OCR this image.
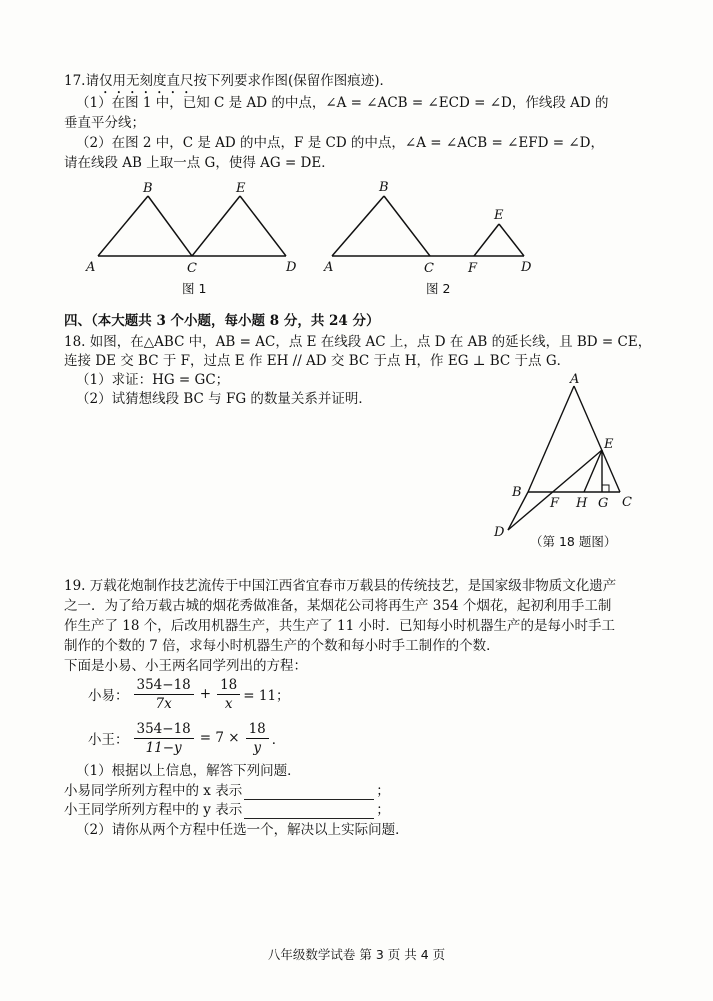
17.请仅用无刻度直尺按下列要求作图(保留作图痕迹)．
（1）在图 1 中，已知 C 是 AD 的中点，∠A = ∠ACB = ∠ECD = ∠D，作线段 AD 的
垂直平分线；
（2）在图 2 中，C 是 AD 的中点，F 是 CD 的中点，∠A = ∠ACB = ∠EFD = ∠D，
请在线段 AB 上取一点 G，使得 AG = DE．
A
B
C	D
E
图 1
A
B
C	D
E
F
图 2
四、（本大题共 3 个小题，每小题 8 分，共 24 分）
18. 如图，在△ABC 中，AB = AC，点 E 在线段 AC 上，点 D 在 AB 的延长线，且 BD = CE，
连接 DE 交 BC 于 F，过点 E 作 EH // AD 交 BC 于点 H，作 EG ⊥ BC 于点 G．
（1）求证：HG = GC；
（2）试猜想线段 BC 与 FG 的数量关系并证明．
A
B
C
D
E
F H G
（第 18 题图）
19. 万载花炮制作技艺流传于中国江西省宜春市万载县的传统技艺，是国家级非物质文化遗产
之一．为了给万载古城的烟花秀做准备，某烟花公司将再生产 354 个烟花，起初利用手工制
作生产了 18 个，后改用机器生产，共生产了 11 小时．已知每小时机器生产的是每小时手工
制作的个数的 7 倍，求每小时机器生产的个数和每小时手工制作的个数．
下面是小易、小王两名同学列出的方程：
小易： $\frac{354-18}{7x} + \frac{18}{x} = 11$；
小王： $\frac{354-18}{11-y} = 7 \times \frac{18}{y}$ ．
（1）根据以上信息，解答下列问题．
小易同学所列方程中的 x 表示	；
小王同学所列方程中的 y 表示	；
（2）请你从两个方程中任选一个，解决以上实际问题．
八年级数学试卷 第 3 页 共 4 页
